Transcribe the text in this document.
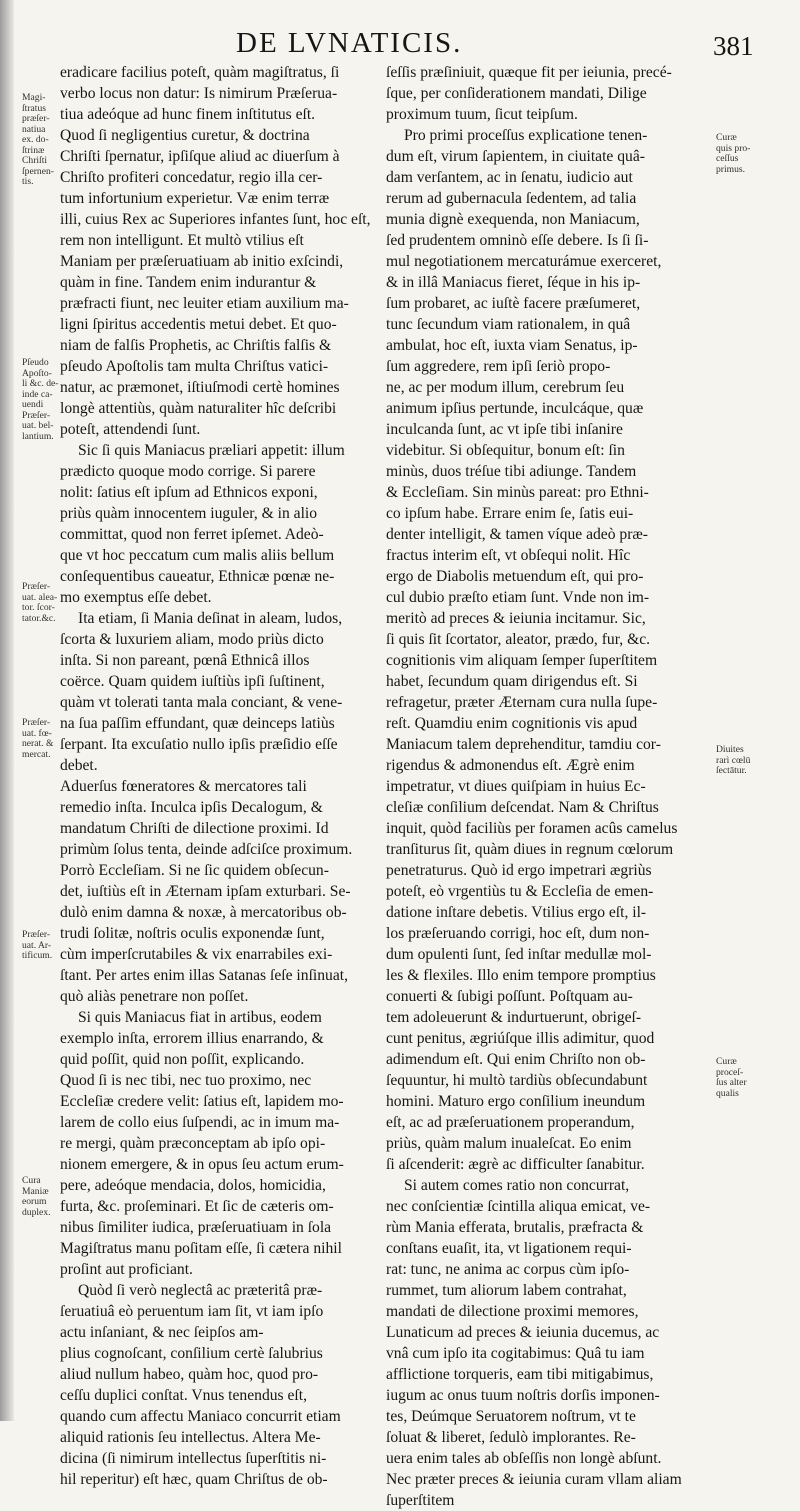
DE LVNATICIS.	381
eradicare facilius poteſt, quàm magiſtratus, ſi
verbo locus non datur: Is nimirum Præſerua-
tiua adeóque ad hunc finem inſtitutus eſt.
Quod ſi negligentius curetur, & doctrina
Chriſti ſpernatur, ipſiſque aliud ac diuerſum à
Chriſto profiteri concedatur, regio illa cer-
tum infortunium experietur. Væ enim terræ
illi, cuius Rex ac Superiores infantes ſunt, hoc eſt,
rem non intelligunt. Et multò vtilius eſt
Maniam per præſeruatiuam ab initio exſcindi,
quàm in fine. Tandem enim indurantur &
præfracti fiunt, nec leuiter etiam auxilium ma-
ligni ſpiritus accedentis metui debet. Et quo-
niam de falſis Prophetis, ac Chriſtis falſis &
pſeudo Apoſtolis tam multa Chriſtus vatici-
natur, ac præmonet, iſtiuſmodi certè homines
longè attentiùs, quàm naturaliter hîc deſcribi
poteſt, attendendi ſunt.
Sic ſi quis Maniacus præliari appetit: illum
prædicto quoque modo corrige. Si parere
nolit: ſatius eſt ipſum ad Ethnicos exponi,
priùs quàm innocentem iuguler, & in alio
committat, quod non ferret ipſemet. Adeò-
que vt hoc peccatum cum malis aliis bellum
conſequentibus caueatur, Ethnicæ pœnæ ne-
mo exemptus eſſe debet.
Ita etiam, ſi Mania deſinat in aleam, ludos,
ſcorta & luxuriem aliam, modo priùs dicto
inſta. Si non pareant, pœnâ Ethnicâ illos
coërce. Quam quidem iuſtiùs ipſi ſuſtinent,
quàm vt tolerati tanta mala conciant, & vene-
na ſua paſſim effundant, quæ deinceps latiùs
ſerpant. Ita excuſatio nullo ipſis præſidio eſſe
debet.
Aduerſus fœneratores & mercatores tali
remedio inſta. Inculca ipſis Decalogum, &
mandatum Chriſti de dilectione proximi. Id
primùm ſolus tenta, deinde adſciſce proximum.
Porrò Eccleſiam. Si ne ſic quidem obſecun-
det, iuſtiùs eſt in Æternam ipſam exturbari. Se-
dulò enim damna & noxæ, à mercatoribus ob-
trudi ſolitæ, noſtris oculis exponendæ ſunt,
cùm imperſcrutabiles & vix enarrabiles exi-
ſtant. Per artes enim illas Satanas ſeſe inſinuat,
quò aliàs penetrare non poſſet.
Si quis Maniacus fiat in artibus, eodem
exemplo inſta, errorem illius enarrando, &
quid poſſit, quid non poſſit, explicando.
Quod ſi is nec tibi, nec tuo proximo, nec
Eccleſiæ credere velit: ſatius eſt, lapidem mo-
larem de collo eius ſuſpendi, ac in imum ma-
re mergi, quàm præconceptam ab ipſo opi-
nionem emergere, & in opus ſeu actum erum-
pere, adeóque mendacia, dolos, homicidia,
furta, &c. proſeminari. Et ſic de cæteris om-
nibus ſimiliter iudica, præſeruatiuam in ſola
Magiſtratus manu poſitam eſſe, ſi cætera nihil
proſint aut proficiant.
Quòd ſi verò neglectâ ac præteritâ præ-
ſeruatiuâ eò peruentum iam ſit, vt iam ipſo
actu inſaniant, & nec ſeipſos am-
plius cognoſcant, conſilium certè ſalubrius
aliud nullum habeo, quàm hoc, quod pro-
ceſſu duplici conſtat. Vnus tenendus eſt,
quando cum affectu Maniaco concurrit etiam
aliquid rationis ſeu intellectus. Altera Me-
dicina (ſi nimirum intellectus ſuperſtitis ni-
hil reperitur) eſt hæc, quam Chriſtus de ob-
ſeſſis præſiniuit, quæque fit per ieiunia, precé-
ſque, per conſiderationem mandati, Dilige
proximum tuum, ſicut teipſum.
Pro primi proceſſus explicatione tenen-
dum eſt, virum ſapientem, in ciuitate quâ-
dam verſantem, ac in ſenatu, iudicio aut
rerum ad gubernacula ſedentem, ad talia
munia dignè exequenda, non Maniacum,
ſed prudentem omninò eſſe debere. Is ſi ſi-
mul negotiationem mercaturámue exerceret,
& in illâ Maniacus fieret, ſéque in his ip-
ſum probaret, ac iuſtè facere præſumeret,
tunc ſecundum viam rationalem, in quâ
ambulat, hoc eſt, iuxta viam Senatus, ip-
ſum aggredere, rem ipſi ſeriò propo-
ne, ac per modum illum, cerebrum ſeu
animum ipſius pertunde, inculcáque, quæ
inculcanda ſunt, ac vt ipſe tibi inſanire
videbitur. Si obſequitur, bonum eſt: ſin
minùs, duos tréſue tibi adiunge. Tandem
& Eccleſiam. Sin minùs pareat: pro Ethni-
co ipſum habe. Errare enim ſe, ſatis eui-
denter intelligit, & tamen víque adeò præ-
fractus interim eſt, vt obſequi nolit. Hîc
ergo de Diabolis metuendum eſt, qui pro-
cul dubio præſto etiam ſunt. Vnde non im-
meritò ad preces & ieiunia incitamur. Sic,
ſi quis ſit ſcortator, aleator, prædo, fur, &c.
cognitionis vim aliquam ſemper ſuperſtitem
habet, ſecundum quam dirigendus eſt. Si
refragetur, præter Æternam cura nulla ſupe-
reſt. Quamdiu enim cognitionis vis apud
Maniacum talem deprehenditur, tamdiu cor-
rigendus & admonendus eſt. Ægrè enim
impetratur, vt diues quiſpiam in huius Ec-
cleſiæ conſilium deſcendat. Nam & Chriſtus
inquit, quòd faciliùs per foramen acûs camelus
tranſiturus ſit, quàm diues in regnum cœlorum
penetraturus. Quò id ergo impetrari ægriùs
poteſt, eò vrgentiùs tu & Eccleſia de emen-
datione inſtare debetis. Vtilius ergo eſt, il-
los præſeruando corrigi, hoc eſt, dum non-
dum opulenti ſunt, ſed inſtar medullæ mol-
les & flexiles. Illo enim tempore promptius
conuerti & ſubigi poſſunt. Poſtquam au-
tem adoleuerunt & indurtuerunt, obrigeſ-
cunt penitus, ægriúſque illis adimitur, quod
adimendum eſt. Qui enim Chriſto non ob-
ſequuntur, hi multò tardiùs obſecundabunt
homini. Maturo ergo conſilium ineundum
eſt, ac ad præſeruationem properandum,
priùs, quàm malum inualeſcat. Eo enim
ſi aſcenderit: ægrè ac difficulter ſanabitur.
Si autem comes ratio non concurrat,
nec conſcientiæ ſcintilla aliqua emicat, ve-
rùm Mania efferata, brutalis, præfracta &
conſtans euaſit, ita, vt ligationem requi-
rat: tunc, ne anima ac corpus cùm ipſo-
rummet, tum aliorum labem contrahat,
mandati de dilectione proximi memores,
Lunaticum ad preces & ieiunia ducemus, ac
vnâ cum ipſo ita cogitabimus: Quâ tu iam
afflictione torqueris, eam tibi mitigabimus,
iugum ac onus tuum noſtris dorſis imponen-
tes, Deúmque Seruatorem noſtrum, vt te
ſoluat & liberet, ſedulò implorantes. Re-
uera enim tales ab obſeſſis non longè abſunt.
Nec præter preces & ieiunia curam vllam aliam
ſuperſtitem
Magi-
ſtratus
præſer-
natiua
ex. do-
ſtrinæ
Chriſti
ſpernen-
tis.
Pſeudo
Apoſto-
li &c. de-
inde ca-
uendi
Præſer-
uat. bel-
lantium.
Præſer-
uat. alea-
tor. ſcor-
tator.&c.
Præſer-
uat. fœ-
nerat. &
mercat.
Præſer-
uat. Ar-
tificum.
Cura
Maniæ
eorum
duplex.
Curæ
quis pro-
ceſſus
primus.
Diuites
rarì cœlū
ſectātur.
Curæ
proceſ-
ſus alter
qualis
